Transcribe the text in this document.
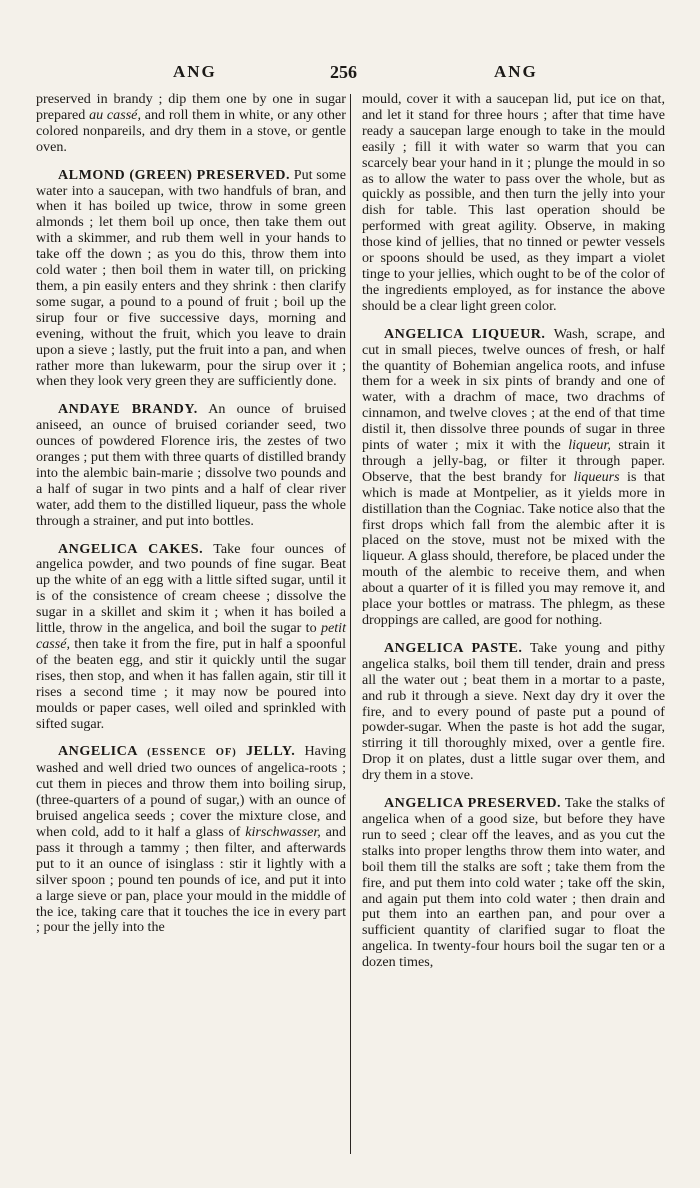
ANG	256	ANG

preserved in brandy ; dip them one by one in sugar prepared au cassé, and roll them in white, or any other colored nonpareils, and dry them in a stove, or gentle oven.

ALMOND (GREEN) PRESERVED. Put some water into a saucepan, with two handfuls of bran, and when it has boiled up twice, throw in some green almonds ; let them boil up once, then take them out with a skimmer, and rub them well in your hands to take off the down ; as you do this, throw them into cold water ; then boil them in water till, on pricking them, a pin easily enters and they shrink : then clarify some sugar, a pound to a pound of fruit ; boil up the sirup four or five successive days, morning and evening, without the fruit, which you leave to drain upon a sieve ; lastly, put the fruit into a pan, and when rather more than lukewarm, pour the sirup over it ; when they look very green they are sufficiently done.

ANDAYE BRANDY. An ounce of bruised aniseed, an ounce of bruised coriander seed, two ounces of powdered Florence iris, the zestes of two oranges ; put them with three quarts of distilled brandy into the alembic bain-marie ; dissolve two pounds and a half of sugar in two pints and a half of clear river water, add them to the distilled liqueur, pass the whole through a strainer, and put into bottles.

ANGELICA CAKES. Take four ounces of angelica powder, and two pounds of fine sugar. Beat up the white of an egg with a little sifted sugar, until it is of the consistence of cream cheese ; dissolve the sugar in a skillet and skim it ; when it has boiled a little, throw in the angelica, and boil the sugar to petit cassé, then take it from the fire, put in half a spoonful of the beaten egg, and stir it quickly until the sugar rises, then stop, and when it has fallen again, stir till it rises a second time ; it may now be poured into moulds or paper cases, well oiled and sprinkled with sifted sugar.

ANGELICA (ESSENCE OF) JELLY. Having washed and well dried two ounces of angelica-roots ; cut them in pieces and throw them into boiling sirup, (three-quarters of a pound of sugar,) with an ounce of bruised angelica seeds ; cover the mixture close, and when cold, add to it half a glass of kirschwasser, and pass it through a tammy ; then filter, and afterwards put to it an ounce of isinglass : stir it lightly with a silver spoon ; pound ten pounds of ice, and put it into a large sieve or pan, place your mould in the middle of the ice, taking care that it touches the ice in every part ; pour the jelly into the

mould, cover it with a saucepan lid, put ice on that, and let it stand for three hours ; after that time have ready a saucepan large enough to take in the mould easily ; fill it with water so warm that you can scarcely bear your hand in it ; plunge the mould in so as to allow the water to pass over the whole, but as quickly as possible, and then turn the jelly into your dish for table. This last operation should be performed with great agility. Observe, in making those kind of jellies, that no tinned or pewter vessels or spoons should be used, as they impart a violet tinge to your jellies, which ought to be of the color of the ingredients employed, as for instance the above should be a clear light green color.

ANGELICA LIQUEUR. Wash, scrape, and cut in small pieces, twelve ounces of fresh, or half the quantity of Bohemian angelica roots, and infuse them for a week in six pints of brandy and one of water, with a drachm of mace, two drachms of cinnamon, and twelve cloves ; at the end of that time distil it, then dissolve three pounds of sugar in three pints of water ; mix it with the liqueur, strain it through a jelly-bag, or filter it through paper. Observe, that the best brandy for liqueurs is that which is made at Montpelier, as it yields more in distillation than the Cogniac. Take notice also that the first drops which fall from the alembic after it is placed on the stove, must not be mixed with the liqueur. A glass should, therefore, be placed under the mouth of the alembic to receive them, and when about a quarter of it is filled you may remove it, and place your bottles or matrass. The phlegm, as these droppings are called, are good for nothing.

ANGELICA PASTE. Take young and pithy angelica stalks, boil them till tender, drain and press all the water out ; beat them in a mortar to a paste, and rub it through a sieve. Next day dry it over the fire, and to every pound of paste put a pound of powder-sugar. When the paste is hot add the sugar, stirring it till thoroughly mixed, over a gentle fire. Drop it on plates, dust a little sugar over them, and dry them in a stove.

ANGELICA PRESERVED. Take the stalks of angelica when of a good size, but before they have run to seed ; clear off the leaves, and as you cut the stalks into proper lengths throw them into water, and boil them till the stalks are soft ; take them from the fire, and put them into cold water ; take off the skin, and again put them into cold water ; then drain and put them into an earthen pan, and pour over a sufficient quantity of clarified sugar to float the angelica. In twenty-four hours boil the sugar ten or a dozen times,
